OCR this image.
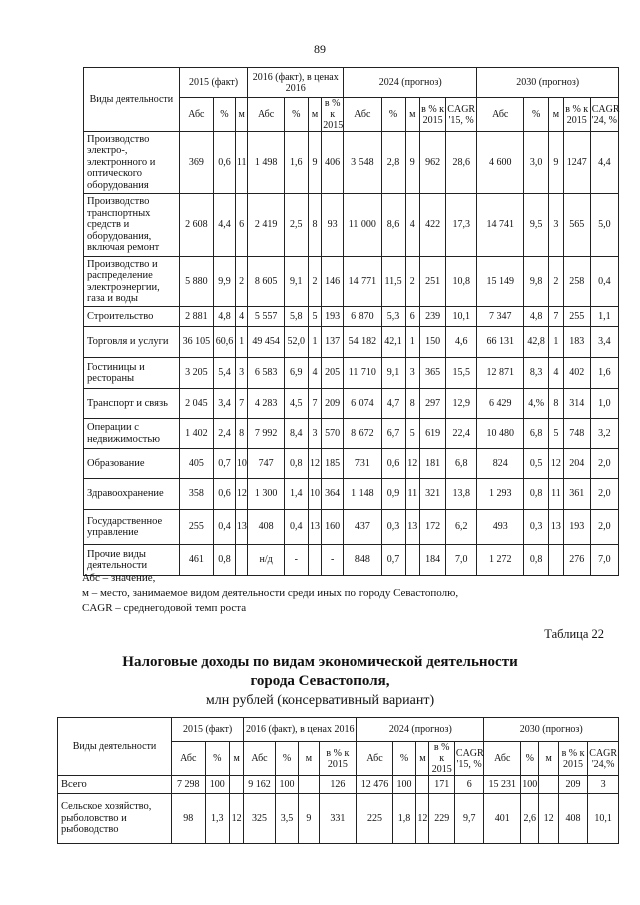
89
Виды деятельности	2015 (факт)			2016 (факт), в ценах 2016				2024 (прогноз)					2030 (прогноз)				
	Абс	%	м	Абс	%	м	в % к 2015	Абс	%	м	в % к 2015	CAGR '15, %	Абс	%	м	в % к 2015	CAGR '24, %
Производство электро-, электронного и оптического оборудования	369	0,6	11	1 498	1,6	9	406	3 548	2,8	9	962	28,6	4 600	3,0	9	1247	4,4
Производство транспортных средств и оборудования, включая ремонт	2 608	4,4	6	2 419	2,5	8	93	11 000	8,6	4	422	17,3	14 741	9,5	3	565	5,0
Производство и распределение электроэнергии, газа и воды	5 880	9,9	2	8 605	9,1	2	146	14 771	11,5	2	251	10,8	15 149	9,8	2	258	0,4
Строительство	2 881	4,8	4	5 557	5,8	5	193	6 870	5,3	6	239	10,1	7 347	4,8	7	255	1,1
Торговля и услуги	36 105	60,6	1	49 454	52,0	1	137	54 182	42,1	1	150	4,6	66 131	42,8	1	183	3,4
Гостиницы и рестораны	3 205	5,4	3	6 583	6,9	4	205	11 710	9,1	3	365	15,5	12 871	8,3	4	402	1,6
Транспорт и связь	2 045	3,4	7	4 283	4,5	7	209	6 074	4,7	8	297	12,9	6 429	4,%	8	314	1,0
Операции с недвижимостью	1 402	2,4	8	7 992	8,4	3	570	8 672	6,7	5	619	22,4	10 480	6,8	5	748	3,2
Образование	405	0,7	10	747	0,8	12	185	731	0,6	12	181	6,8	824	0,5	12	204	2,0
Здравоохранение	358	0,6	12	1 300	1,4	10	364	1 148	0,9	11	321	13,8	1 293	0,8	11	361	2,0
Государственное управление	255	0,4	13	408	0,4	13	160	437	0,3	13	172	6,2	493	0,3	13	193	2,0
Прочие виды деятельности	461	0,8		н/д	-		-	848	0,7		184	7,0	1 272	0,8		276	7,0

Абс – значение,

м – место, занимаемое видом деятельности среди иных по городу Севастополю,

CAGR – среднегодовой темп роста

Таблица 22
Налоговые доходы по видам экономической деятельности
города Севастополя,
млн рублей (консервативный вариант)
Виды деятельности	2015 (факт)			2016 (факт), в ценах 2016				2024 (прогноз)					2030 (прогноз)				
	Абс	%	м	Абс	%	м	в % к 2015	Абс	%	м	в % к 2015	CAGR '15, %	Абс	%	м	в % к 2015	CAGR '24,%
Всего	7 298	100		9 162	100		126	12 476	100		171	6	15 231	100		209	3
Сельское хозяйство, рыболовство и рыбоводство	98	1,3	12	325	3,5	9	331	225	1,8	12	229	9,7	401	2,6	12	408	10,1
